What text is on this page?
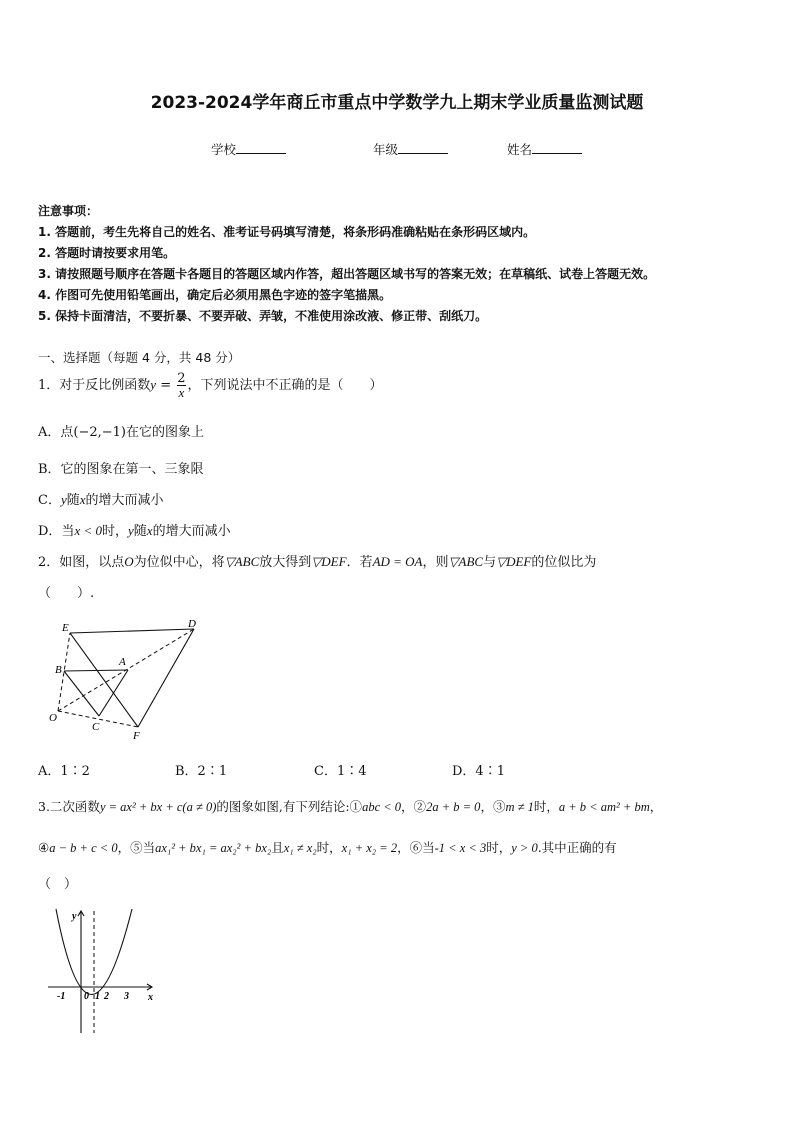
2023-2024学年商丘市重点中学数学九上期末学业质量监测试题
学校	年级	姓名
注意事项：
1. 答题前，考生先将自己的姓名、准考证号码填写清楚，将条形码准确粘贴在条形码区域内。
2. 答题时请按要求用笔。
3. 请按照题号顺序在答题卡各题目的答题区域内作答，超出答题区域书写的答案无效；在草稿纸、试卷上答题无效。
4. 作图可先使用铅笔画出，确定后必须用黑色字迹的签字笔描黑。
5. 保持卡面清洁，不要折暴、不要弄破、弄皱，不准使用涂改液、修正带、刮纸刀。
一、选择题（每题 4 分，共 48 分）
1．对于反比例函数$y = \frac{2}{x}$ ，下列说法中不正确的是（　　）
A．点(−2,−1)在它的图象上
B．它的图象在第一、三象限
C．y随x的增大而减小
D．当x < 0时，y随x的增大而减小
2．如图，以点O为位似中心，将▽ABC放大得到▽DEF．若AD = OA，则▽ABC与▽DEF的位似比为
（　　）.
E	D
B
A
O
C
F
A．1∶2	B．2∶1	C．1∶4	D．4∶1
3.二次函数y = ax² + bx + c(a ≠ 0)的图象如图,有下列结论:①abc < 0，②2a + b = 0，③m ≠ 1时，a + b < am² + bm，
④a − b + c < 0，⑤当ax₁² + bx₁ = ax₂² + bx₂且x₁ ≠ x₂时，x₁ + x₂ = 2，⑥当-1 < x < 3时，y > 0.其中正确的有
（　）
y
x
-1 0 1 2 3
